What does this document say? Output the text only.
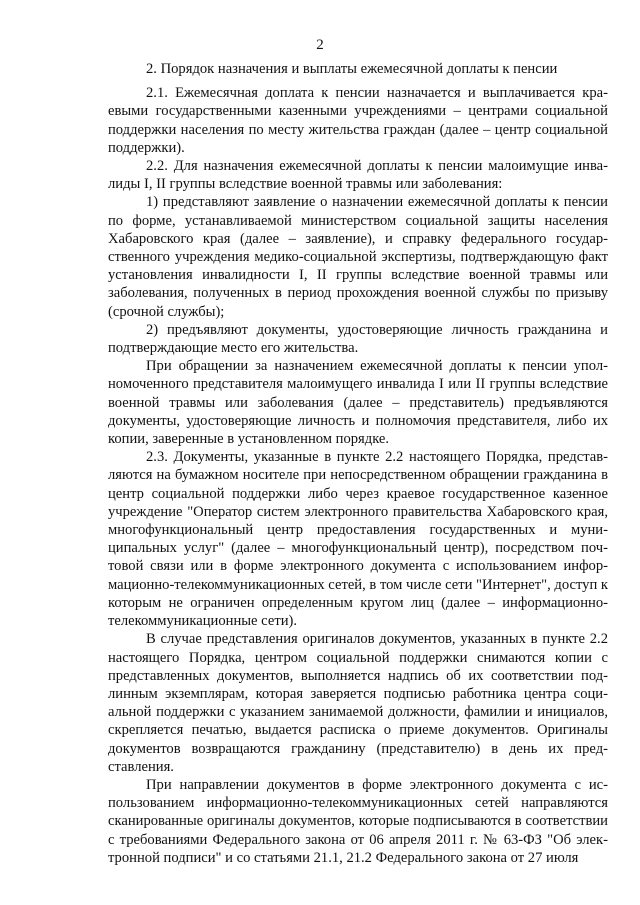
2

2. Порядок назначения и выплаты ежемесячной доплаты к пенсии

2.1. Ежемесячная доплата к пенсии назначается и выплачивается краевыми государственными казенными учреждениями – центрами социальной поддержки населения по месту жительства граждан (далее – центр социальной поддержки).

2.2. Для назначения ежемесячной доплаты к пенсии малоимущие инвалиды I, II группы вследствие военной травмы или заболевания:

1) представляют заявление о назначении ежемесячной доплаты к пенсии по форме, устанавливаемой министерством социальной защиты населения Хабаровского края (далее – заявление), и справку федерального государственного учреждения медико-социальной экспертизы, подтверждающую факт установления инвалидности I, II группы вследствие военной травмы или заболевания, полученных в период прохождения военной службы по призыву (срочной службы);

2) предъявляют документы, удостоверяющие личность гражданина и подтверждающие место его жительства.

При обращении за назначением ежемесячной доплаты к пенсии уполномоченного представителя малоимущего инвалида I или II группы вследствие военной травмы или заболевания (далее – представитель) предъявляются документы, удостоверяющие личность и полномочия представителя, либо их копии, заверенные в установленном порядке.

2.3. Документы, указанные в пункте 2.2 настоящего Порядка, представляются на бумажном носителе при непосредственном обращении гражданина в центр социальной поддержки либо через краевое государственное казенное учреждение "Оператор систем электронного правительства Хабаровского края, многофункциональный центр предоставления государственных и муниципальных услуг" (далее – многофункциональный центр), посредством почтовой связи или в форме электронного документа с использованием информационно-телекоммуникационных сетей, в том числе сети "Интернет", доступ к которым не ограничен определенным кругом лиц (далее – информационно-телекоммуникационные сети).

В случае представления оригиналов документов, указанных в пункте 2.2 настоящего Порядка, центром социальной поддержки снимаются копии с представленных документов, выполняется надпись об их соответствии подлинным экземплярам, которая заверяется подписью работника центра социальной поддержки с указанием занимаемой должности, фамилии и инициалов, скрепляется печатью, выдается расписка о приеме документов. Оригиналы документов возвращаются гражданину (представителю) в день их представления.

При направлении документов в форме электронного документа с использованием информационно-телекоммуникационных сетей направляются сканированные оригиналы документов, которые подписываются в соответствии с требованиями Федерального закона от 06 апреля 2011 г. № 63-ФЗ "Об электронной подписи" и со статьями 21.1, 21.2 Федерального закона от 27 июля
